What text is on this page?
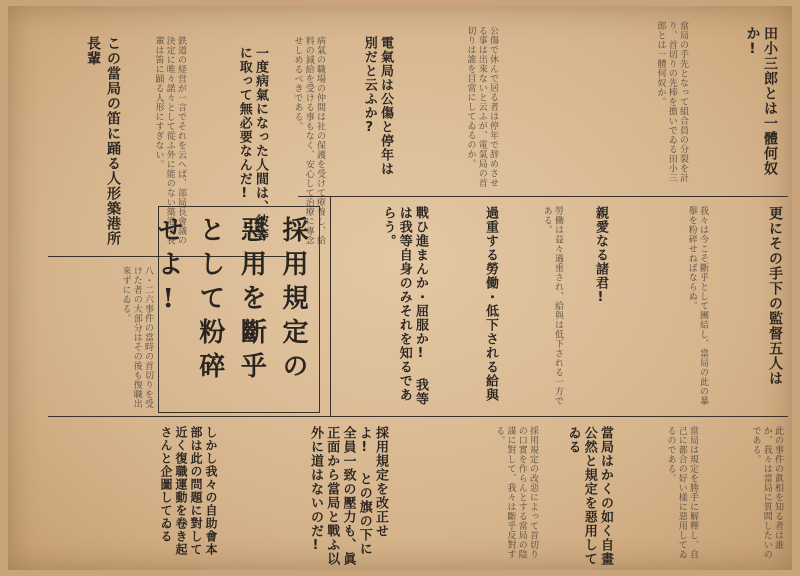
この當局の笛に踊る人形築港所長輩	鉄道の経営が一言でそれを云へば、部局長會議の決定に唯々諾々として從ふ外に能のない築港所長輩は笛に踊る人形にすぎない。	一度病氣になった人間は、彼等に取って無必要なんだ!	病氣の職場の仲間は社の保護を受けて療養し、給料の減給を受ける事もなく、安心して治療に專念せしめるべきである。	電氣局は公傷と停年は別だと云ふか?	公傷で休んで居る者は停年で辞めさせる事は出來ないと云ふが、電氣局の首切りは誰を目當にしてゐるのか。	當局の手先となって組合員の分裂を計り、首切りの先棒を擔いでゐる田小三郎とは一體何奴か。	田小三郎とは一體何奴か!
戰ひ進まんか・屈服か! 我等は我等自身のみそれを知るであらう。	過重する勞働・低下される給與	勞働は益々過重され、給與は低下される一方である。	親愛なる諸君!	我々は今こそ斷乎として團結し、當局の此の暴擧を粉碎せねばならぬ。	更にその手下の監督五人は
採用規定の惡用を斷乎として粉碎せよ!
八・二六事件の當時の首切りを受けた者の大部分はその後も復職出來ずにゐる。
しかし我々の自助會本部は此の問題に對して近く復職運動を卷き起さんと企圖してゐる	採用規定を改正せよ! との旗の下に全員一致の壓力も、眞正面から當局と戰ふ以外に道はないのだ!	採用規定の改惡によって首切りの口實を作らんとする當局の陰謀に對して、我々は斷乎反對する。	當局はかくの如く自畫公然と規定を惡用してゐる	當局は規定を勝手に解釋し、自己に都合の好い樣に惡用してゐるのである。	此の事件の眞相を知る者は誰か、我々は當局に質問したいのである。
